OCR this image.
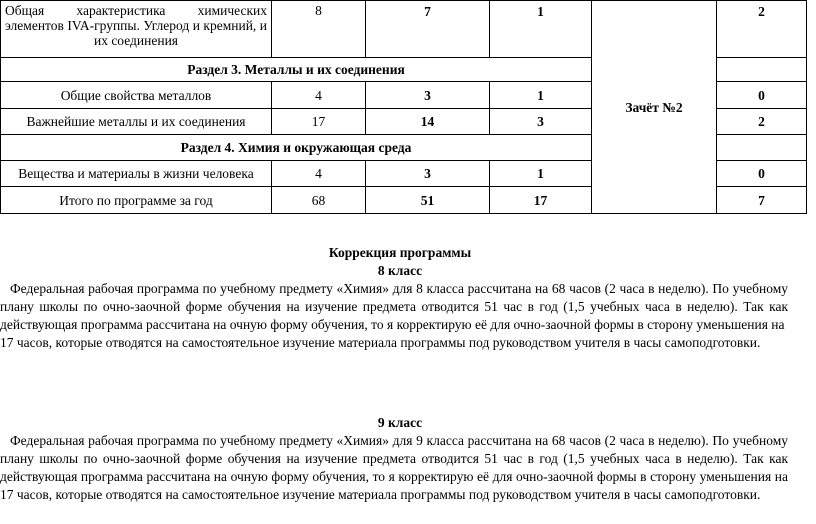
Общая характеристика химических элементов IVA-группы. Углерод и кремний, и их соединения	8	7	1	Зачёт №2	2
Раздел 3. Металлы и их соединения					
Общие свойства металлов	4	3	1		0
Важнейшие металлы и их соединения	17	14	3		2
Раздел 4. Химия и окружающая среда					
Вещества и материалы в жизни человека	4	3	1		0
Итого по программе за год	68	51	17		7
Коррекция программы
8 класс
Федеральная рабочая программа по учебному предмету «Химия» для 8 класса рассчитана на 68 часов (2 часа в неделю). По учебному плану школы по очно-заочной форме обучения на изучение предмета отводится 51 час в год (1,5 учебных часа в неделю). Так как действующая программа рассчитана на очную форму обучения, то я корректирую её для очно-заочной формы в сторону уменьшения на
17 часов, которые отводятся на самостоятельное изучение материала программы под руководством учителя в часы самоподготовки.
9 класс
Федеральная рабочая программа по учебному предмету «Химия» для 9 класса рассчитана на 68 часов (2 часа в неделю). По учебному плану школы по очно-заочной форме обучения на изучение предмета отводится 51 час в год (1,5 учебных часа в неделю). Так как действующая программа рассчитана на очную форму обучения, то я корректирую её для очно-заочной формы в сторону уменьшения на 17 часов, которые отводятся на самостоятельное изучение материала программы под руководством учителя в часы самоподготовки.
